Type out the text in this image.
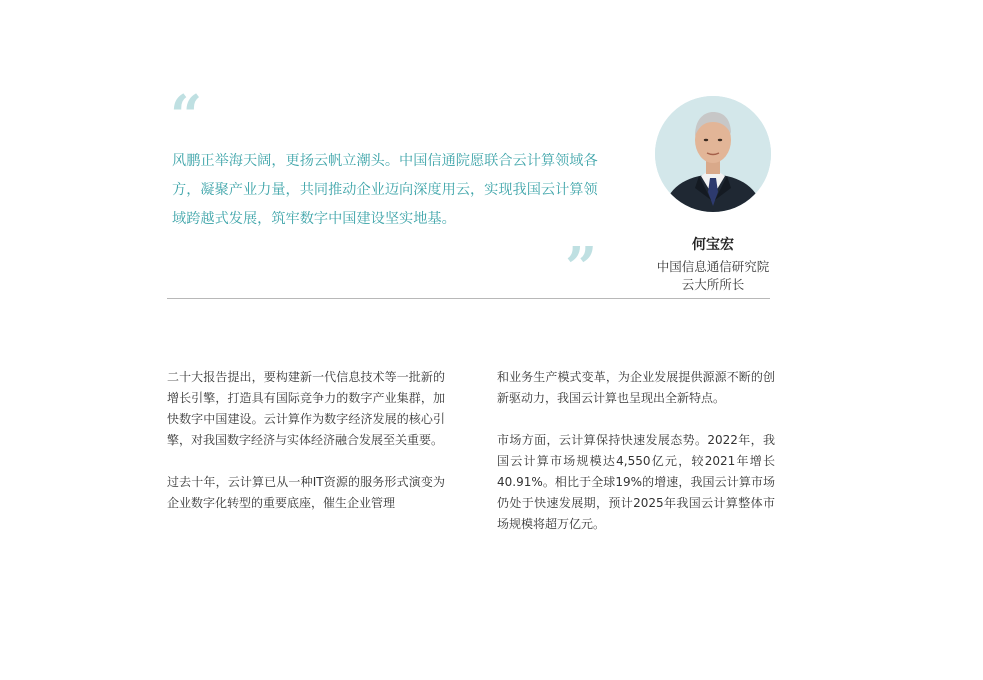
“

风鹏正举海天阔，更扬云帆立潮头。中国信通院愿联合云计算领域各方，凝聚产业力量，共同推动企业迈向深度用云，实现我国云计算领域跨越式发展，筑牢数字中国建设坚实地基。

”	何宝宏

中国信息通信研究院
云大所所长

二十大报告提出，要构建新一代信息技术等一批新的增长引擎，打造具有国际竞争力的数字产业集群，加快数字中国建设。云计算作为数字经济发展的核心引擎，对我国数字经济与实体经济融合发展至关重要。

过去十年，云计算已从一种IT资源的服务形式演变为企业数字化转型的重要底座，催生企业管理

和业务生产模式变革，为企业发展提供源源不断的创新驱动力，我国云计算也呈现出全新特点。

市场方面，云计算保持快速发展态势。2022年，我国云计算市场规模达4,550亿元，较2021年增长40.91%。相比于全球19%的增速，我国云计算市场仍处于快速发展期，预计2025年我国云计算整体市场规模将超万亿元。
